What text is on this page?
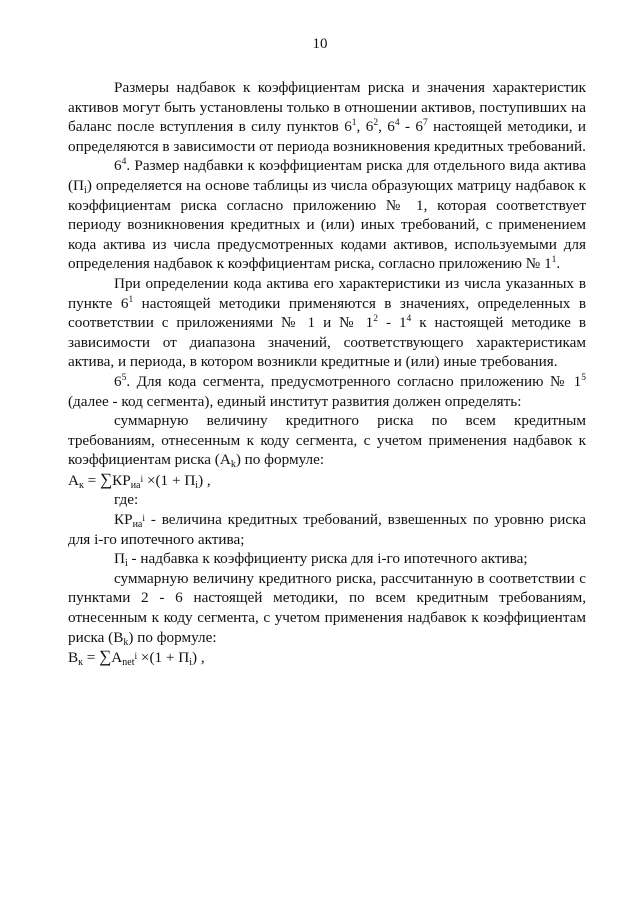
10

Размеры надбавок к коэффициентам риска и значения характеристик активов могут быть установлены только в отношении активов, поступивших на баланс после вступления в силу пунктов $6^1$, $6^2$, $6^4 - 6^7$ настоящей методики, и определяются в зависимости от периода возникновения кредитных требований.

$6^4$. Размер надбавки к коэффициентам риска для отдельного вида актива $(П_i)$ определяется на основе таблицы из числа образующих матрицу надбавок к коэффициентам риска согласно приложению № 1, которая соответствует периоду возникновения кредитных и (или) иных требований, с применением кода актива из числа предусмотренных кодами активов, используемыми для определения надбавок к коэффициентам риска, согласно приложению № $1^1$.

При определении кода актива его характеристики из числа указанных в пункте $6^1$ настоящей методики применяются в значениях, определенных в соответствии с приложениями № 1 и № $1^2 - 1^4$ к настоящей методике в зависимости от диапазона значений, соответствующего характеристикам актива, и периода, в котором возникли кредитные и (или) иные требования.

$6^5$. Для кода сегмента, предусмотренного согласно приложению № $1^5$ (далее - код сегмента), единый институт развития должен определять:

суммарную величину кредитного риска по всем кредитным требованиям, отнесенным к коду сегмента, с учетом применения надбавок к коэффициентам риска $(A_k)$ по формуле:

$А_к = \sum КР_{иа^i} \times(1 + П_i)$ ,

где:

$КР_{иа^i}$ - величина кредитных требований, взвешенных по уровню риска для i-го ипотечного актива;

$П_i$ - надбавка к коэффициенту риска для i-го ипотечного актива;

суммарную величину кредитного риска, рассчитанную в соответствии с пунктами 2 - 6 настоящей методики, по всем кредитным требованиям, отнесенным к коду сегмента, с учетом применения надбавок к коэффициентам риска $(B_k)$ по формуле:

$В_к = \sum А_{net^i} \times(1 + П_i)$ ,
